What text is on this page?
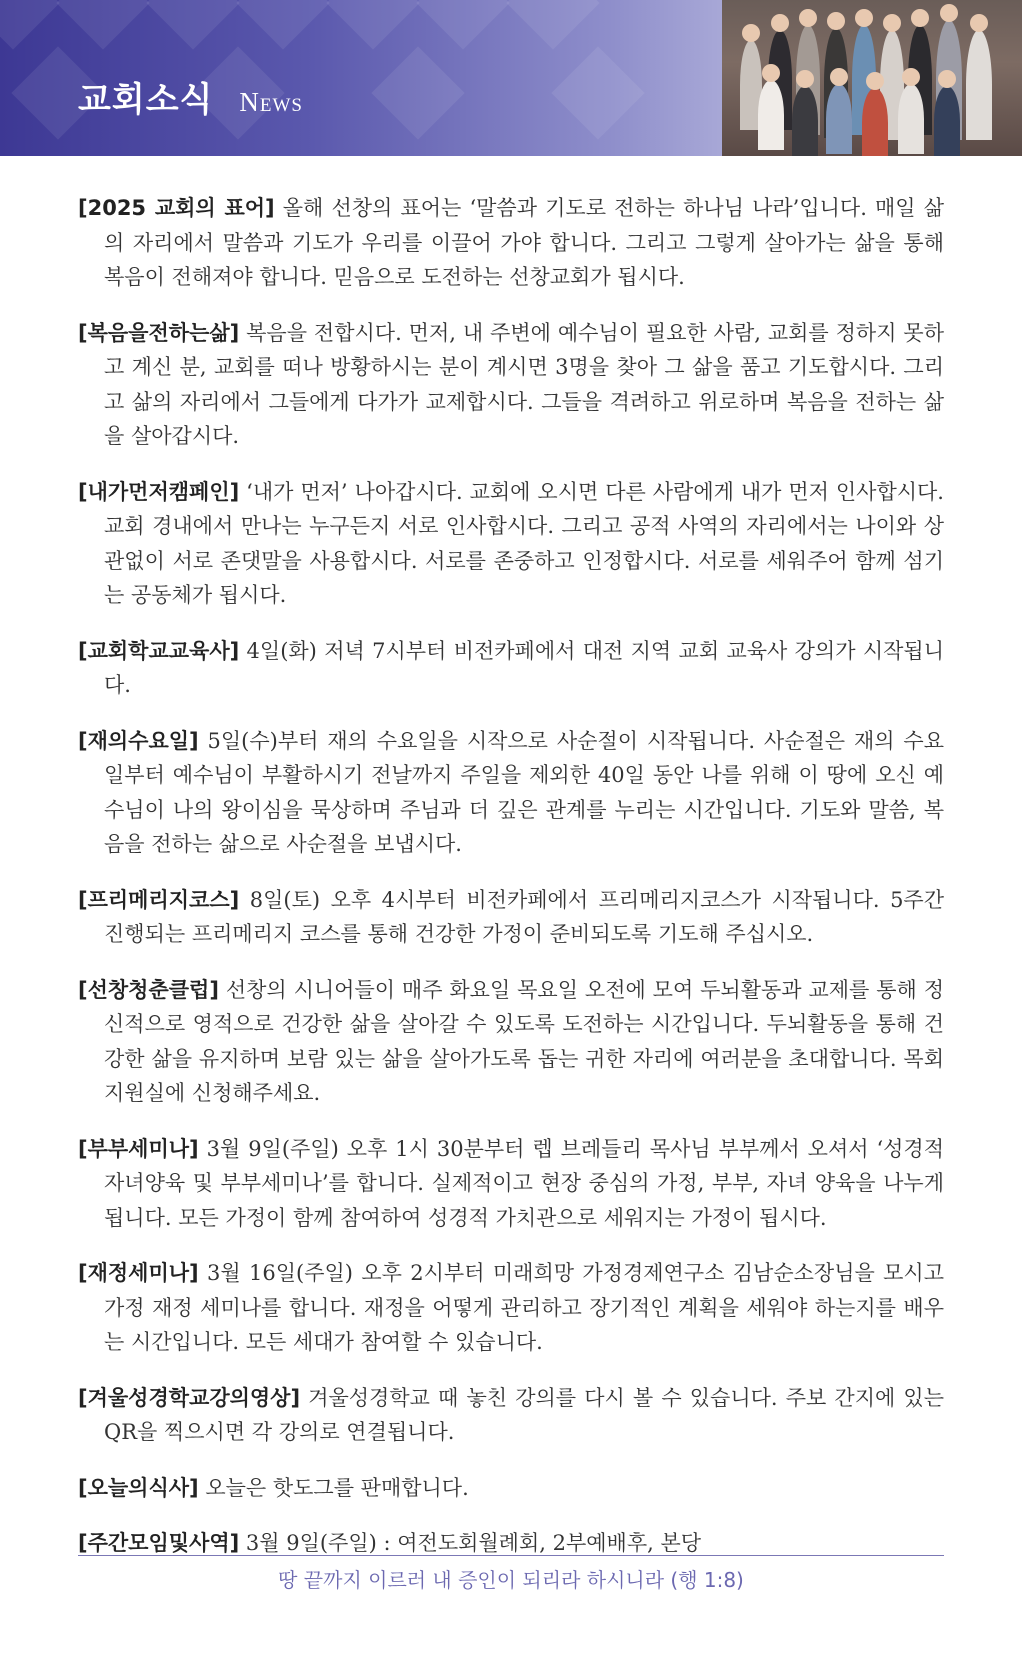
교회소식 News

[2025 교회의 표어] 올해 선창의 표어는 ‘말씀과 기도로 전하는 하나님 나라’입니다. 매일 삶의 자리에서 말씀과 기도가 우리를 이끌어 가야 합니다. 그리고 그렇게 살아가는 삶을 통해 복음이 전해져야 합니다. 믿음으로 도전하는 선창교회가 됩시다.

[복음을전하는삶] 복음을 전합시다. 먼저, 내 주변에 예수님이 필요한 사람, 교회를 정하지 못하고 계신 분, 교회를 떠나 방황하시는 분이 계시면 3명을 찾아 그 삶을 품고 기도합시다. 그리고 삶의 자리에서 그들에게 다가가 교제합시다. 그들을 격려하고 위로하며 복음을 전하는 삶을 살아갑시다.

[내가먼저캠페인] ‘내가 먼저’ 나아갑시다. 교회에 오시면 다른 사람에게 내가 먼저 인사합시다. 교회 경내에서 만나는 누구든지 서로 인사합시다. 그리고 공적 사역의 자리에서는 나이와 상관없이 서로 존댓말을 사용합시다. 서로를 존중하고 인정합시다. 서로를 세워주어 함께 섬기는 공동체가 됩시다.

[교회학교교육사] 4일(화) 저녁 7시부터 비전카페에서 대전 지역 교회 교육사 강의가 시작됩니다.

[재의수요일] 5일(수)부터 재의 수요일을 시작으로 사순절이 시작됩니다. 사순절은 재의 수요일부터 예수님이 부활하시기 전날까지 주일을 제외한 40일 동안 나를 위해 이 땅에 오신 예수님이 나의 왕이심을 묵상하며 주님과 더 깊은 관계를 누리는 시간입니다. 기도와 말씀, 복음을 전하는 삶으로 사순절을 보냅시다.

[프리메리지코스] 8일(토) 오후 4시부터 비전카페에서 프리메리지코스가 시작됩니다. 5주간 진행되는 프리메리지 코스를 통해 건강한 가정이 준비되도록 기도해 주십시오.

[선창청춘클럽] 선창의 시니어들이 매주 화요일 목요일 오전에 모여 두뇌활동과 교제를 통해 정신적으로 영적으로 건강한 삶을 살아갈 수 있도록 도전하는 시간입니다. 두뇌활동을 통해 건강한 삶을 유지하며 보람 있는 삶을 살아가도록 돕는 귀한 자리에 여러분을 초대합니다. 목회지원실에 신청해주세요.

[부부세미나] 3월 9일(주일) 오후 1시 30분부터 렙 브레들리 목사님 부부께서 오셔서 ‘성경적 자녀양육 및 부부세미나’를 합니다. 실제적이고 현장 중심의 가정, 부부, 자녀 양육을 나누게 됩니다. 모든 가정이 함께 참여하여 성경적 가치관으로 세워지는 가정이 됩시다.

[재정세미나] 3월 16일(주일) 오후 2시부터 미래희망 가정경제연구소 김남순소장님을 모시고 가정 재정 세미나를 합니다. 재정을 어떻게 관리하고 장기적인 계획을 세워야 하는지를 배우는 시간입니다. 모든 세대가 참여할 수 있습니다.

[겨울성경학교강의영상] 겨울성경학교 때 놓친 강의를 다시 볼 수 있습니다. 주보 간지에 있는 QR을 찍으시면 각 강의로 연결됩니다.

[오늘의식사] 오늘은 핫도그를 판매합니다.

[주간모임및사역] 3월 9일(주일) : 여전도회월례회, 2부예배후, 본당

땅 끝까지 이르러 내 증인이 되리라 하시니라 (행 1:8)
